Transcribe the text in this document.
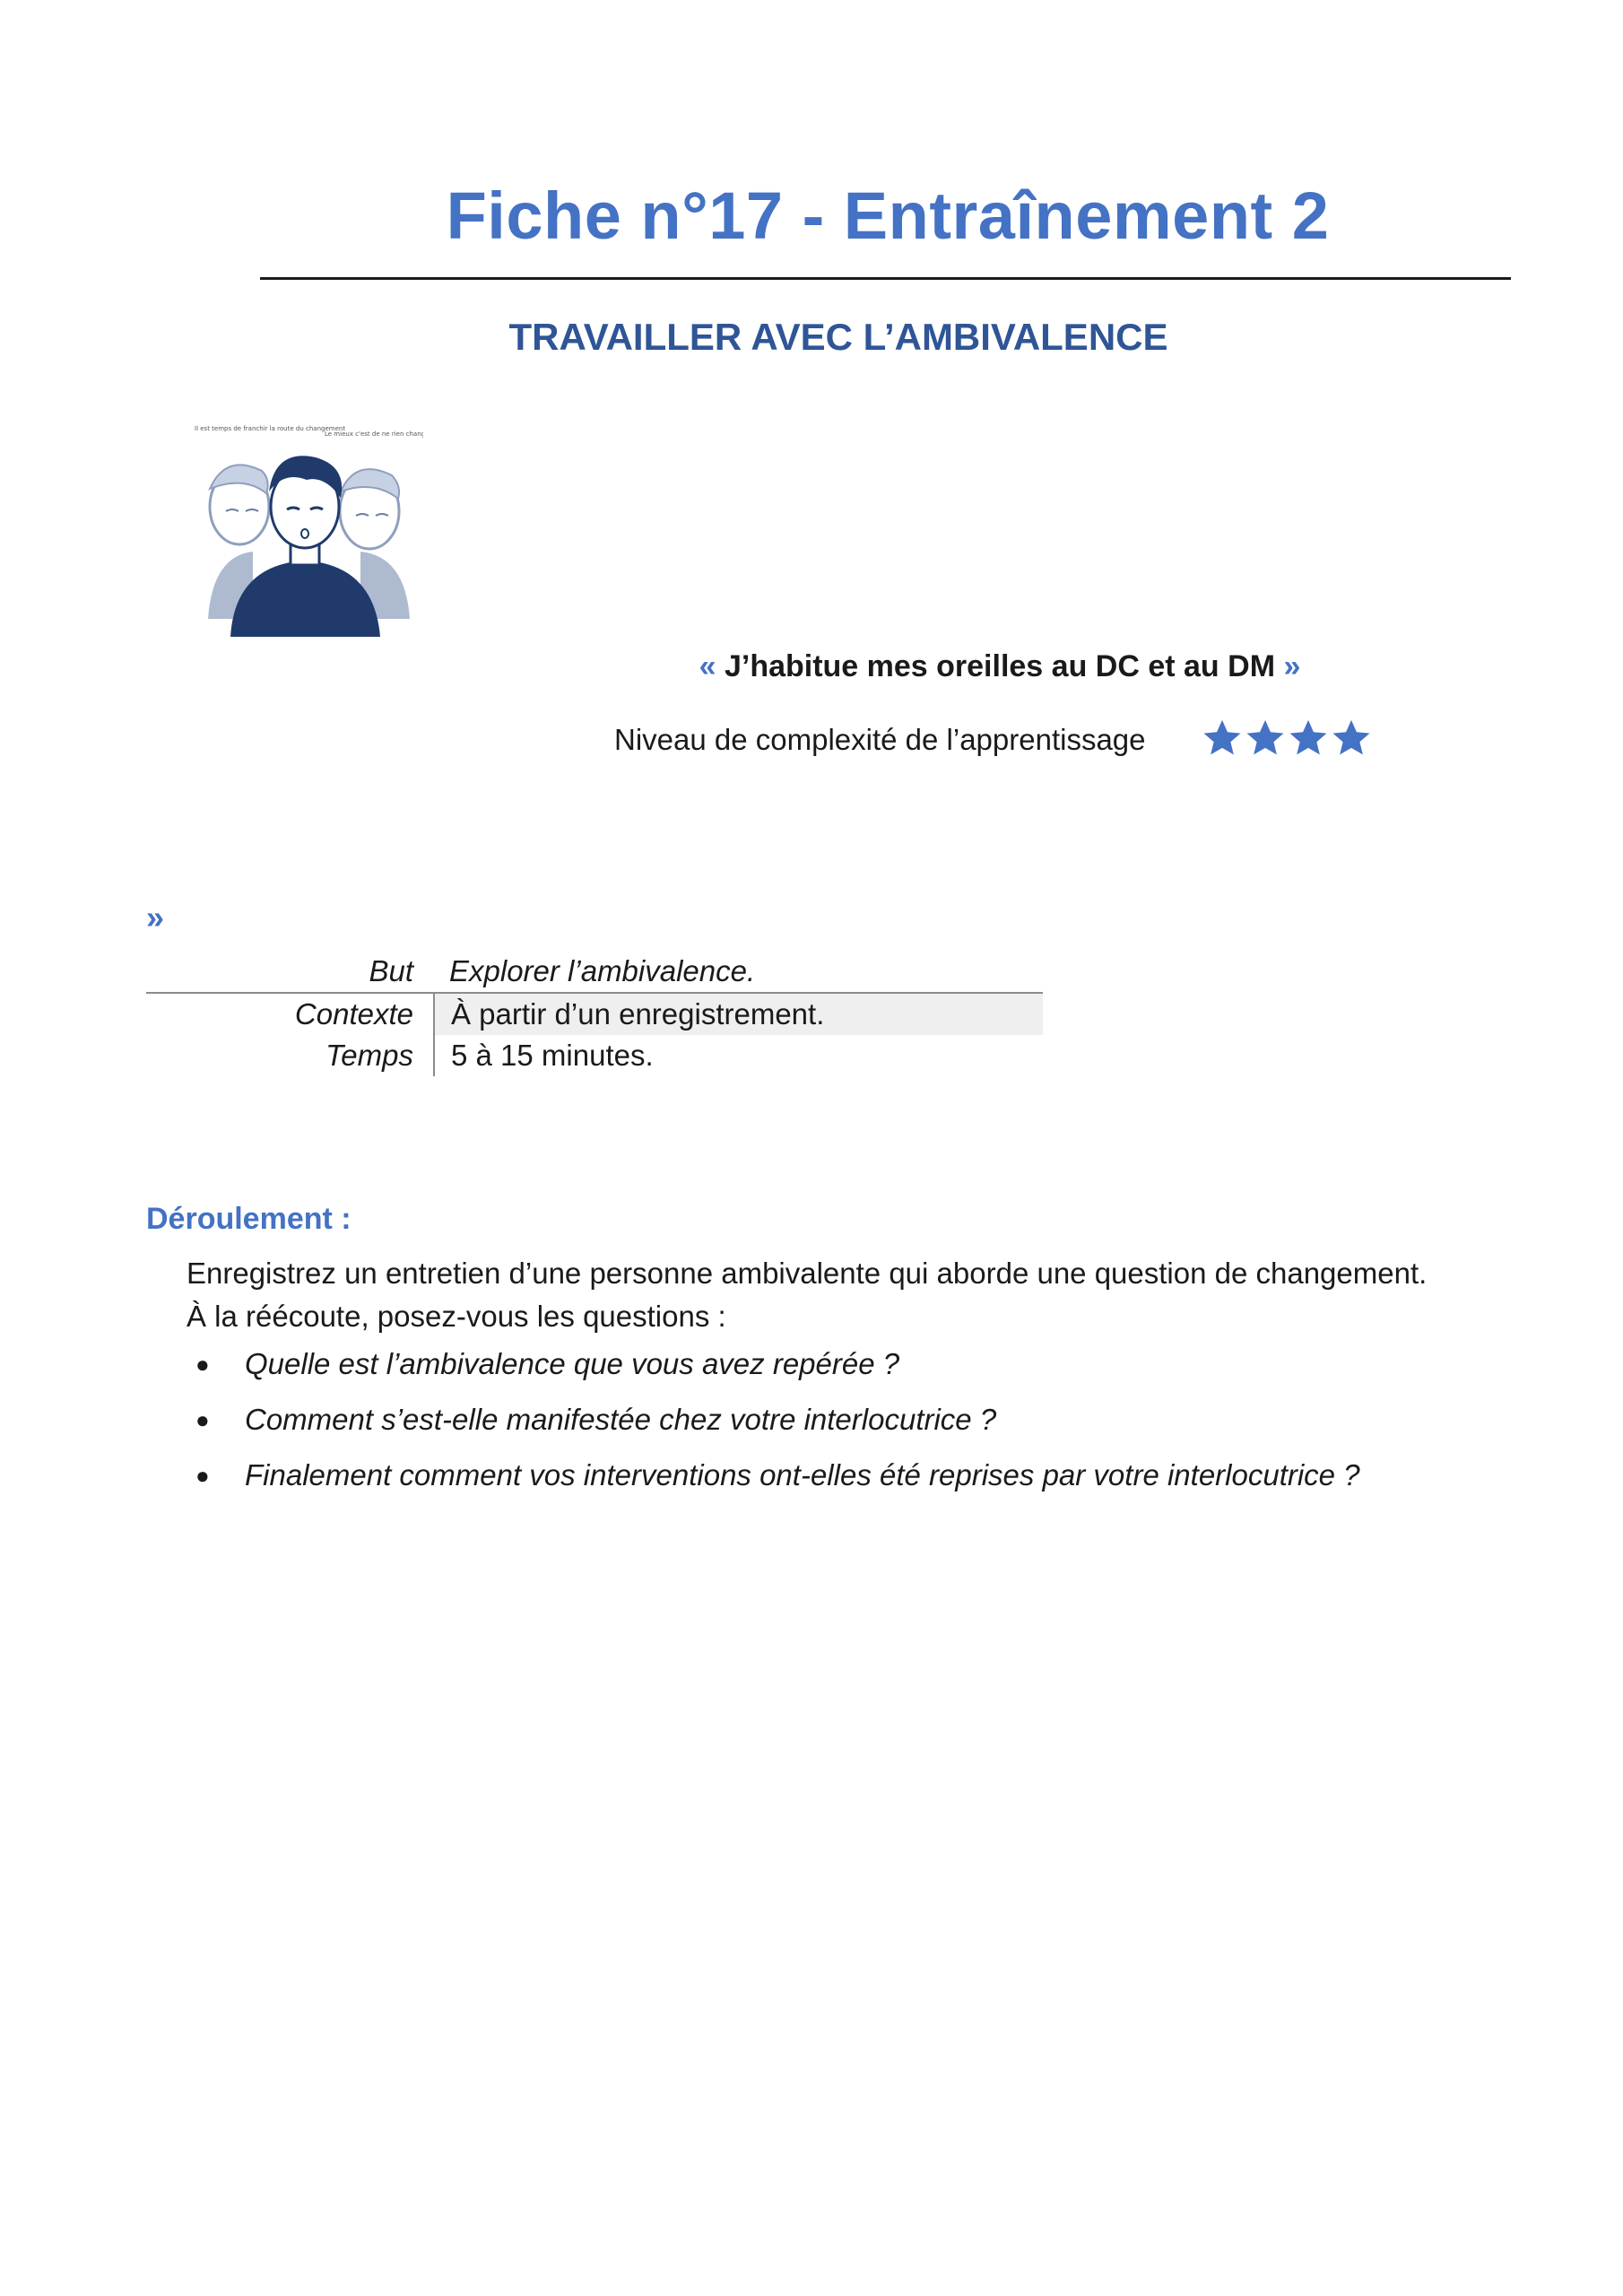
Fiche n°17 - Entraînement 2
TRAVAILLER AVEC L’AMBIVALENCE
Il est temps de franchir la route du changement
Le mieux c'est de ne rien changer
« J’habitue mes oreilles au DC et au DM »
Niveau de complexité de l’apprentissage
»
But	Explorer l’ambivalence.
Contexte	À partir d’un enregistrement.
Temps	5 à 15 minutes.
Déroulement :
Enregistrez un entretien d’une personne ambivalente qui aborde une question de changement.
À la réécoute, posez-vous les questions :
●	Quelle est l’ambivalence que vous avez repérée ?
●	Comment s’est-elle manifestée chez votre interlocutrice ?
●	Finalement comment vos interventions ont-elles été reprises par votre interlocutrice ?
